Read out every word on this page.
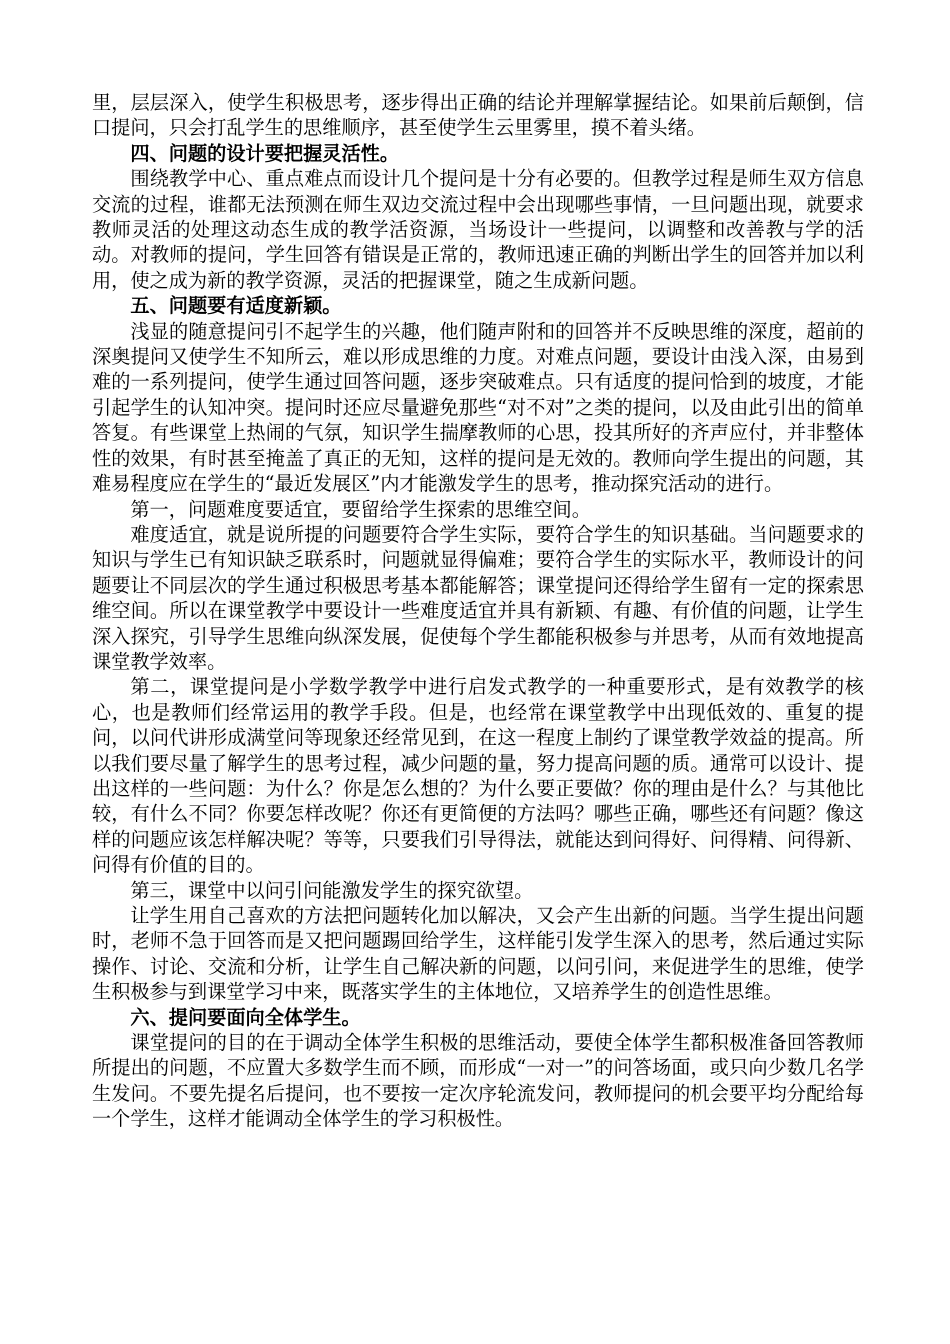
里，层层深入，使学生积极思考，逐步得出正确的结论并理解掌握结论。如果前后颠倒，信口提问，只会打乱学生的思维顺序，甚至使学生云里雾里，摸不着头绪。

四、问题的设计要把握灵活性。

围绕教学中心、重点难点而设计几个提问是十分有必要的。但教学过程是师生双方信息交流的过程，谁都无法预测在师生双边交流过程中会出现哪些事情，一旦问题出现，就要求教师灵活的处理这动态生成的教学活资源，当场设计一些提问，以调整和改善教与学的活动。对教师的提问，学生回答有错误是正常的，教师迅速正确的判断出学生的回答并加以利用，使之成为新的教学资源，灵活的把握课堂，随之生成新问题。

五、问题要有适度新颖。

浅显的随意提问引不起学生的兴趣，他们随声附和的回答并不反映思维的深度，超前的深奥提问又使学生不知所云，难以形成思维的力度。对难点问题，要设计由浅入深，由易到难的一系列提问，使学生通过回答问题，逐步突破难点。只有适度的提问恰到的坡度，才能引起学生的认知冲突。提问时还应尽量避免那些“对不对”之类的提问，以及由此引出的简单答复。有些课堂上热闹的气氛，知识学生揣摩教师的心思，投其所好的齐声应付，并非整体性的效果，有时甚至掩盖了真正的无知，这样的提问是无效的。教师向学生提出的问题，其难易程度应在学生的“最近发展区”内才能激发学生的思考，推动探究活动的进行。

第一，问题难度要适宜，要留给学生探索的思维空间。

难度适宜，就是说所提的问题要符合学生实际，要符合学生的知识基础。当问题要求的知识与学生已有知识缺乏联系时，问题就显得偏难；要符合学生的实际水平，教师设计的问题要让不同层次的学生通过积极思考基本都能解答；课堂提问还得给学生留有一定的探索思维空间。所以在课堂教学中要设计一些难度适宜并具有新颖、有趣、有价值的问题，让学生深入探究，引导学生思维向纵深发展，促使每个学生都能积极参与并思考，从而有效地提高课堂教学效率。

第二，课堂提问是小学数学教学中进行启发式教学的一种重要形式，是有效教学的核心，也是教师们经常运用的教学手段。但是，也经常在课堂教学中出现低效的、重复的提问，以问代讲形成满堂问等现象还经常见到，在这一程度上制约了课堂教学效益的提高。所以我们要尽量了解学生的思考过程，减少问题的量，努力提高问题的质。通常可以设计、提出这样的一些问题：为什么？你是怎么想的？为什么要正要做？你的理由是什么？与其他比较，有什么不同？你要怎样改呢？你还有更简便的方法吗？哪些正确，哪些还有问题？像这样的问题应该怎样解决呢？等等，只要我们引导得法，就能达到问得好、问得精、问得新、问得有价值的目的。

第三，课堂中以问引问能激发学生的探究欲望。

让学生用自己喜欢的方法把问题转化加以解决，又会产生出新的问题。当学生提出问题时，老师不急于回答而是又把问题踢回给学生，这样能引发学生深入的思考，然后通过实际操作、讨论、交流和分析，让学生自己解决新的问题，以问引问，来促进学生的思维，使学生积极参与到课堂学习中来，既落实学生的主体地位，又培养学生的创造性思维。

六、提问要面向全体学生。

课堂提问的目的在于调动全体学生积极的思维活动，要使全体学生都积极准备回答教师所提出的问题，不应置大多数学生而不顾，而形成“一对一”的问答场面，或只向少数几名学生发问。不要先提名后提问，也不要按一定次序轮流发问，教师提问的机会要平均分配给每一个学生，这样才能调动全体学生的学习积极性。
